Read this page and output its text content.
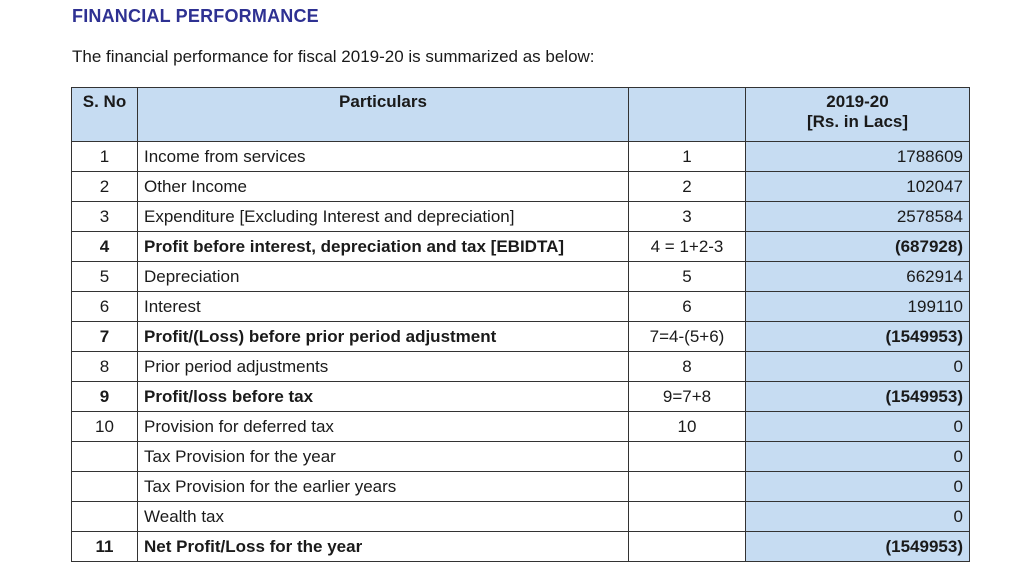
FINANCIAL PERFORMANCE
The financial performance for fiscal 2019-20 is summarized as below:
S. No	Particulars		2019-20
[Rs. in Lacs]

1	Income from services	1	1788609
2	Other Income	2	102047
3	Expenditure [Excluding Interest and depreciation]	3	2578584
4	Profit before interest, depreciation and tax [EBIDTA]	4 = 1+2-3	(687928)
5	Depreciation	5	662914
6	Interest	6	199110
7	Profit/(Loss) before prior period adjustment	7=4-(5+6)	(1549953)
8	Prior period adjustments	8	0
9	Profit/loss before tax	9=7+8	(1549953)
10	Provision for deferred tax	10	0
	Tax Provision for the year		0
	Tax Provision for the earlier years		0
	Wealth tax		0
11	Net Profit/Loss for the year		(1549953)
